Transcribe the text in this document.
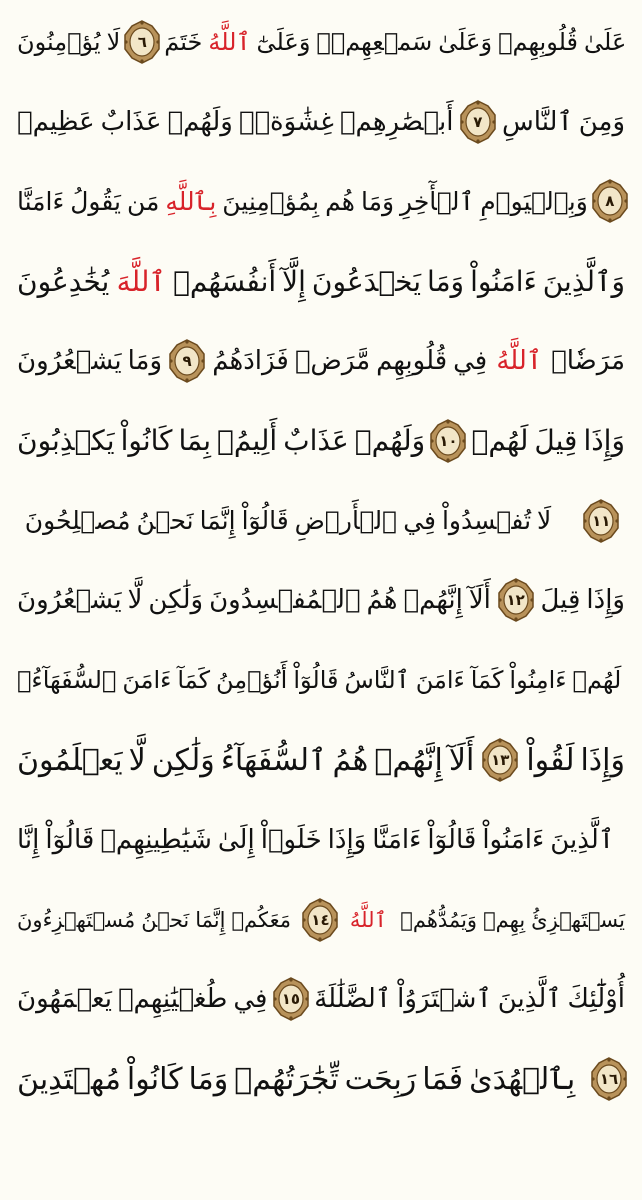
لَايُؤۡمِنُونَ	٦ خَتَمَ ٱللَّهُ	عَلَىٰقُلُوبِهِمۡوَعَلَىٰسَمۡعِهِمۡۖوَعَلَىٰٓ
أَبۡصَٰرِهِمۡغِشَٰوَةٞۖوَلَهُمۡعَذَابٌعَظِيمٞ	٧	وَمِنَٱلنَّاسِ
مَنيَقُولُءَامَنَّا	بِٱللَّهِ	وَبِٱلۡيَوۡمِٱلۡأٓخِرِوَمَاهُمبِمُؤۡمِنِينَ	٨
يُخَٰدِعُونَ ٱللَّهَ	وَٱلَّذِينَءَامَنُواْوَمَايَخۡدَعُونَإِلَّآأَنفُسَهُمۡ
وَمَايَشۡعُرُونَ	٩	فِيقُلُوبِهِممَّرَضٞفَزَادَهُمُ	ٱللَّهُ مَرَضٗاۖ
وَلَهُمۡعَذَابٌأَلِيمُۢبِمَاكَانُواْيَكۡذِبُونَ	١٠	وَإِذَاقِيلَلَهُمۡ
لَاتُفۡسِدُواْفِيٱلۡأَرۡضِقَالُوٓاْإِنَّمَانَحۡنُمُصۡلِحُونَ	١١
أَلَآإِنَّهُمۡهُمُٱلۡمُفۡسِدُونَوَلَٰكِنلَّايَشۡعُرُونَ	١٢	وَإِذَاقِيلَ
لَهُمۡءَامِنُواْكَمَآءَامَنَٱلنَّاسُقَالُوٓاْأَنُؤۡمِنُكَمَآءَامَنَٱلسُّفَهَآءُۗ
أَلَآإِنَّهُمۡهُمُٱلسُّفَهَآءُوَلَٰكِنلَّايَعۡلَمُونَ	١٣	وَإِذَالَقُواْ
ٱلَّذِينَءَامَنُواْقَالُوٓاْءَامَنَّاوَإِذَاخَلَوۡاْإِلَىٰشَيَٰطِينِهِمۡقَالُوٓاْإِنَّا
مَعَكُمۡإِنَّمَانَحۡنُمُسۡتَهۡزِءُونَ	١٤ ٱللَّهُ	يَسۡتَهۡزِئُبِهِمۡوَيَمُدُّهُمۡ
فِيطُغۡيَٰنِهِمۡيَعۡمَهُونَ	١٥	أُوْلَٰٓئِكَٱلَّذِينَٱشۡتَرَوُاْٱلضَّلَٰلَةَ
بِٱلۡهُدَىٰفَمَارَبِحَتتِّجَٰرَتُهُمۡوَمَاكَانُواْمُهۡتَدِينَ	١٦
